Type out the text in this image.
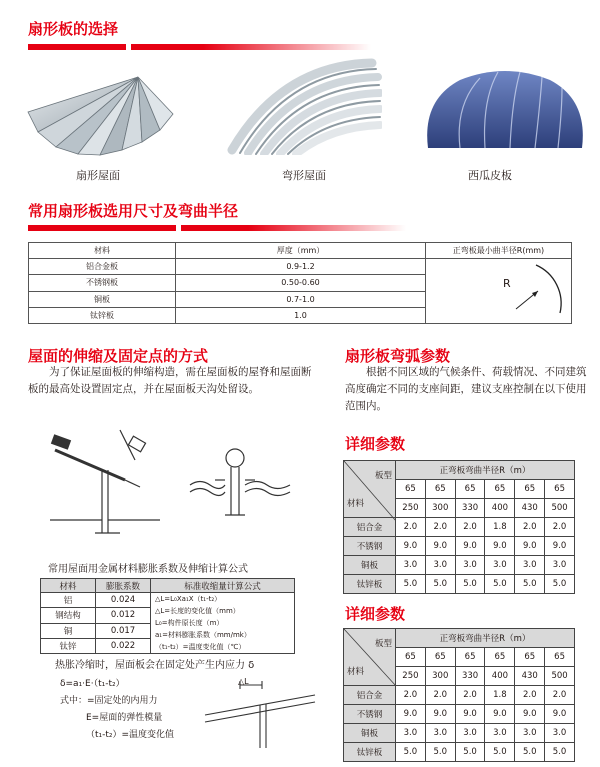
扇形板的选择
扇形屋面	弯形屋面	西瓜皮板
常用扇形板选用尺寸及弯曲半径
材料	厚度（mm）	正弯板最小曲半径R(mm)
铝合金板	0.9-1.2	R

不锈钢板	0.50-0.60	
铜板	0.7-1.0	
钛锌板	1.0	
屋面的伸缩及固定点的方式
为了保证屋面板的伸缩构造，需在屋面板的屋脊和屋面断板的最高处设置固定点，并在屋面板天沟处留设。
常用屋面用金属材料膨胀系数及伸缩计算公式
材料	膨胀系数	标准收缩量计算公式
铝	0.024	△L=L₀Xa₁X（t₁-t₂）
△L=长度的变化值（mm）
L₀=构件原长度（m）
a₁=材料膨胀系数（mm/mk）
（t₁-t₂）=温度变化值（℃）

钢结构	0.012	
铜	0.017	
钛锌	0.022	
热胀冷缩时，屋面板会在固定处产生内应力 δ
δ=a₁·E·（t₁-t₂）
式中：=固定处的内用力
E=屋面的弹性模量
（t₁-t₂）=温度变化值
△L
扇形板弯弧参数
根据不同区域的气候条件、荷载情况、不同建筑高度确定不同的支座间距，建议支座控制在以下使用范围内。
详细参数
板型
材料	正弯板弯曲半径R（m）					
	65	65	65	65	65	65
	250	300	330	400	430	500
铝合金	2.0	2.0	2.0	1.8	2.0	2.0
不锈钢	9.0	9.0	9.0	9.0	9.0	9.0
铜板	3.0	3.0	3.0	3.0	3.0	3.0
钛锌板	5.0	5.0	5.0	5.0	5.0	5.0
详细参数
板型
材料	正弯板弯曲半径R（m）					
	65	65	65	65	65	65
	250	300	330	400	430	500
铝合金	2.0	2.0	2.0	1.8	2.0	2.0
不锈钢	9.0	9.0	9.0	9.0	9.0	9.0
铜板	3.0	3.0	3.0	3.0	3.0	3.0
钛锌板	5.0	5.0	5.0	5.0	5.0	5.0
